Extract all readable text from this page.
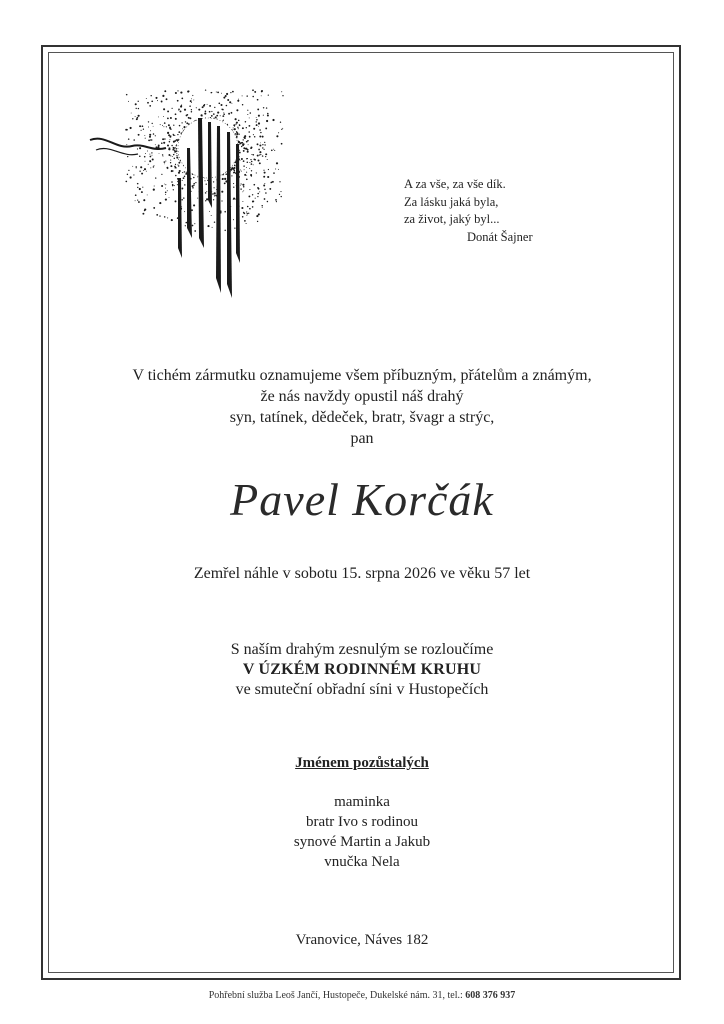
A za vše, za vše dík.
Za lásku jaká byla,
za život, jaký byl...
Donát Šajner
V tichém zármutku oznamujeme všem příbuzným, přátelům a známým,
že nás navždy opustil náš drahý
syn, tatínek, dědeček, bratr, švagr a strýc,
pan
Pavel Korčák
Zemřel náhle v sobotu 15. srpna 2026 ve věku 57 let
S naším drahým zesnulým se rozloučíme
V ÚZKÉM RODINNÉM KRUHU
ve smuteční obřadní síni v Hustopečích
Jménem pozůstalých
maminka
bratr Ivo s rodinou
synové Martin a Jakub
vnučka Nela
Vranovice, Náves 182
Pohřební služba Leoš Jančí, Hustopeče, Dukelské nám. 31, tel.: 608 376 937
